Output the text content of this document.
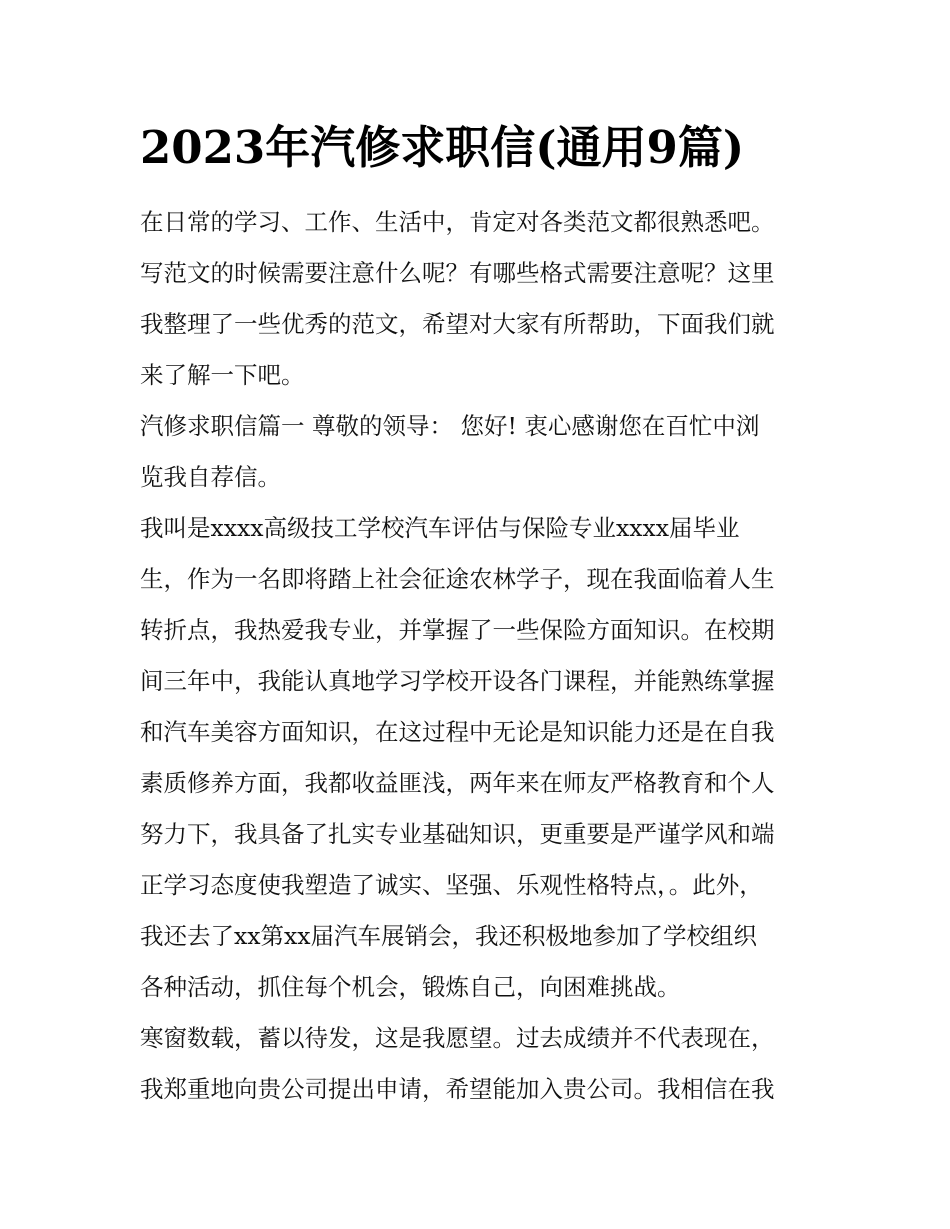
2023年汽修求职信(通用9篇)
在日常的学习、工作、生活中，肯定对各类范文都很熟悉吧。
写范文的时候需要注意什么呢？有哪些格式需要注意呢？这里
我整理了一些优秀的范文，希望对大家有所帮助，下面我们就
来了解一下吧。
汽修求职信篇一 尊敬的领导： 您好! 衷心感谢您在百忙中浏
览我自荐信。
我叫是xxxx高级技工学校汽车评估与保险专业xxxx届毕业
生，作为一名即将踏上社会征途农林学子，现在我面临着人生
转折点，我热爱我专业，并掌握了一些保险方面知识。在校期
间三年中，我能认真地学习学校开设各门课程，并能熟练掌握
和汽车美容方面知识，在这过程中无论是知识能力还是在自我
素质修养方面，我都收益匪浅，两年来在师友严格教育和个人
努力下，我具备了扎实专业基础知识，更重要是严谨学风和端
正学习态度使我塑造了诚实、坚强、乐观性格特点，。此外，
我还去了xx第xx届汽车展销会，我还积极地参加了学校组织
各种活动，抓住每个机会，锻炼自己，向困难挑战。
寒窗数载，蓄以待发，这是我愿望。过去成绩并不代表现在，
我郑重地向贵公司提出申请，希望能加入贵公司。我相信在我
